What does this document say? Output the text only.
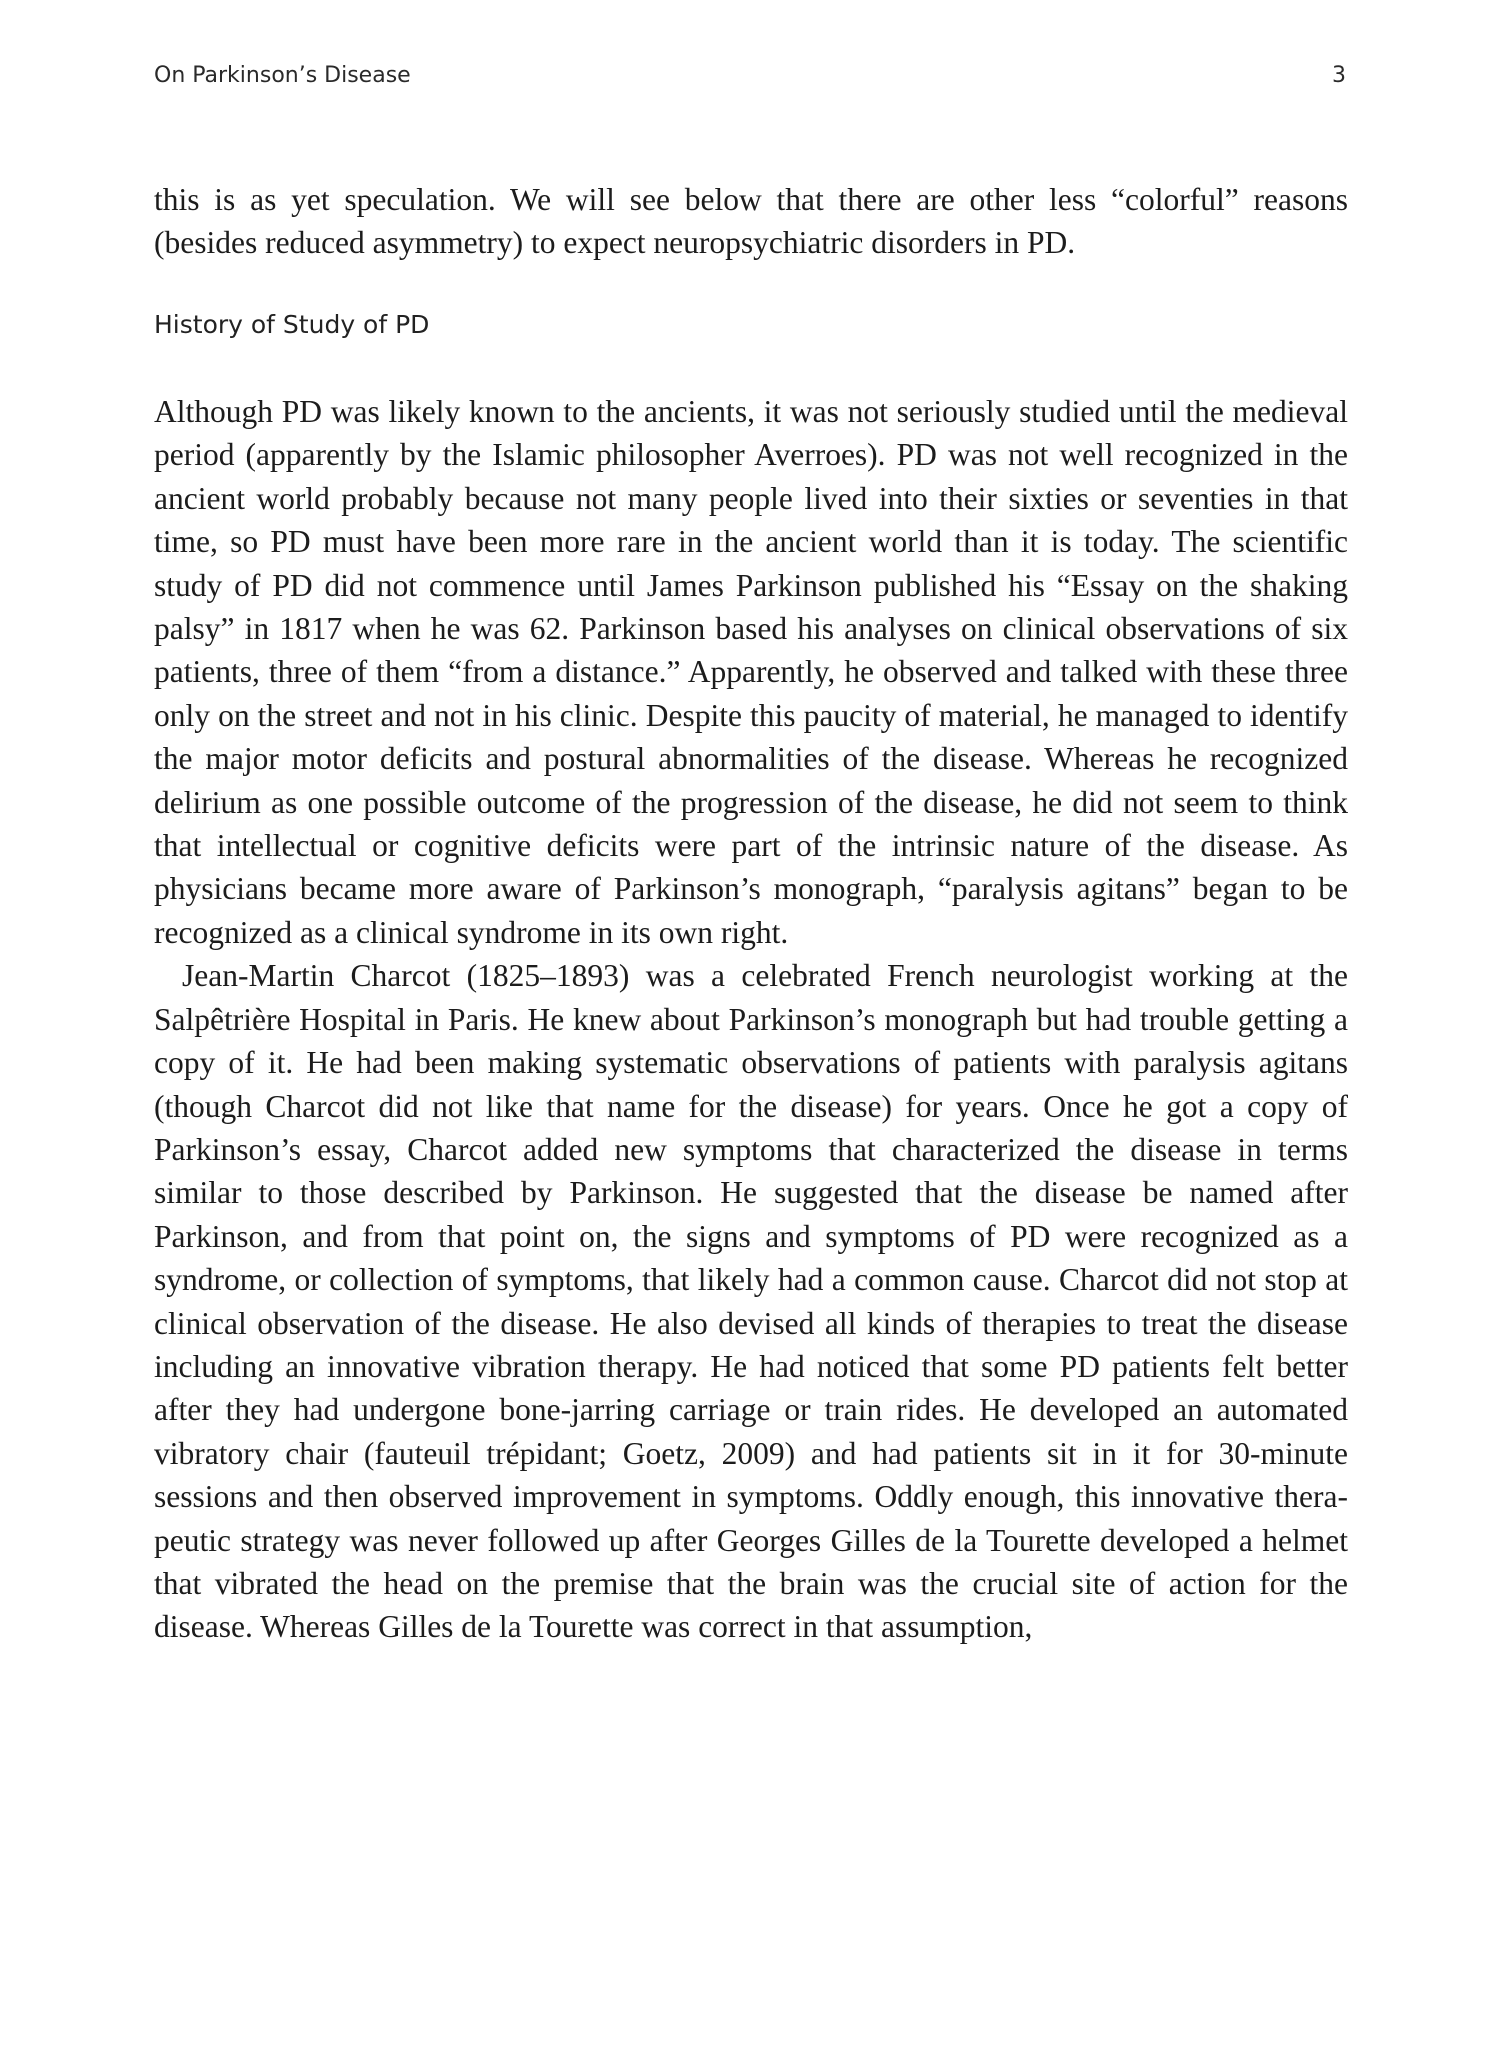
On Parkinson’s Disease	3

this is as yet speculation. We will see below that there are other less “colorful” reasons (besides reduced asymmetry) to expect neuropsychiatric disorders in PD.

History of Study of PD

Although PD was likely known to the ancients, it was not seriously studied until the medieval period (apparently by the Islamic philosopher Averroes). PD was not well recognized in the ancient world probably because not many people lived into their sixties or seventies in that time, so PD must have been more rare in the ancient world than it is today. The scientific study of PD did not commence until James Parkinson published his “Essay on the shaking palsy” in 1817 when he was 62. Parkinson based his analyses on clinical observations of six patients, three of them “from a distance.” Apparently, he observed and talked with these three only on the street and not in his clinic. Despite this paucity of material, he managed to identify the major motor deficits and postural abnormalities of the disease. Whereas he recognized delirium as one possible outcome of the progression of the disease, he did not seem to think that intellectual or cognitive deficits were part of the intrinsic nature of the disease. As physicians became more aware of Parkinson’s monograph, “paralysis agitans” began to be recognized as a clinical syndrome in its own right.

Jean-Martin Charcot (1825–1893) was a celebrated French neurologist working at the Salpêtrière Hospital in Paris. He knew about Parkinson’s monograph but had trouble getting a copy of it. He had been making systematic observations of patients with paralysis agitans (though Charcot did not like that name for the disease) for years. Once he got a copy of Parkinson’s essay, Charcot added new symptoms that characterized the disease in terms similar to those described by Parkinson. He suggested that the disease be named after Parkinson, and from that point on, the signs and symptoms of PD were recognized as a syndrome, or collection of symptoms, that likely had a common cause. Charcot did not stop at clinical observation of the disease. He also devised all kinds of therapies to treat the disease including an innovative vibration therapy. He had noticed that some PD patients felt better after they had undergone bone-jarring carriage or train rides. He developed an automated vibratory chair (fauteuil trépidant; Goetz, 2009) and had patients sit in it for 30-minute sessions and then observed improvement in symptoms. Oddly enough, this innovative therapeutic strategy was never followed up after Georges Gilles de la Tourette developed a helmet that vibrated the head on the premise that the brain was the crucial site of action for the disease. Whereas Gilles de la Tourette was correct in that assumption,
